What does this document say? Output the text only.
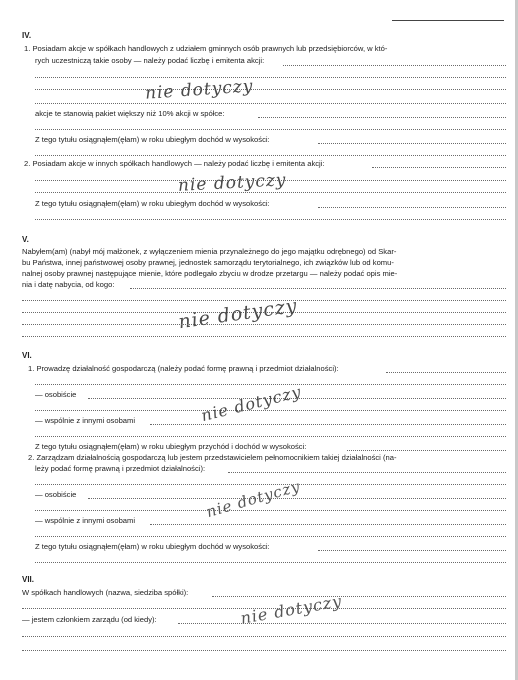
IV.
1. Posiadam akcje w spółkach handlowych z udziałem gminnych osób prawnych lub przedsiębiorców, w któ-
rych uczestniczą takie osoby — należy podać liczbę i emitenta akcji:
nie dotyczy
akcje te stanowią pakiet większy niż 10% akcji w spółce:
Z tego tytułu osiągnąłem(ęłam) w roku ubiegłym dochód w wysokości:
2. Posiadam akcje w innych spółkach handlowych — należy podać liczbę i emitenta akcji:
nie dotyczy
Z tego tytułu osiągnąłem(ęłam) w roku ubiegłym dochód w wysokości:
V.
Nabyłem(am) (nabył mój małżonek, z wyłączeniem mienia przynależnego do jego majątku odrębnego) od Skar-
bu Państwa, innej państwowej osoby prawnej, jednostek samorządu terytorialnego, ich związków lub od komu-
nalnej osoby prawnej następujące mienie, które podlegało zbyciu w drodze przetargu — należy podać opis mie-
nia i datę nabycia, od kogo:
nie dotyczy
VI.
1. Prowadzę działalność gospodarczą (należy podać formę prawną i przedmiot działalności):
— osobiście
— wspólnie z innymi osobami	nie dotyczy
Z tego tytułu osiągnąłem(ęłam) w roku ubiegłym przychód i dochód w wysokości:
2. Zarządzam działalnością gospodarczą lub jestem przedstawicielem pełnomocnikiem takiej działalności (na-
leży podać formę prawną i przedmiot działalności):
— osobiście
— wspólnie z innymi osobami	nie dotyczy
Z tego tytułu osiągnąłem(ęłam) w roku ubiegłym dochód w wysokości:
VII.
W spółkach handlowych (nazwa, siedziba spółki):
— jestem członkiem zarządu (od kiedy):	nie dotyczy
